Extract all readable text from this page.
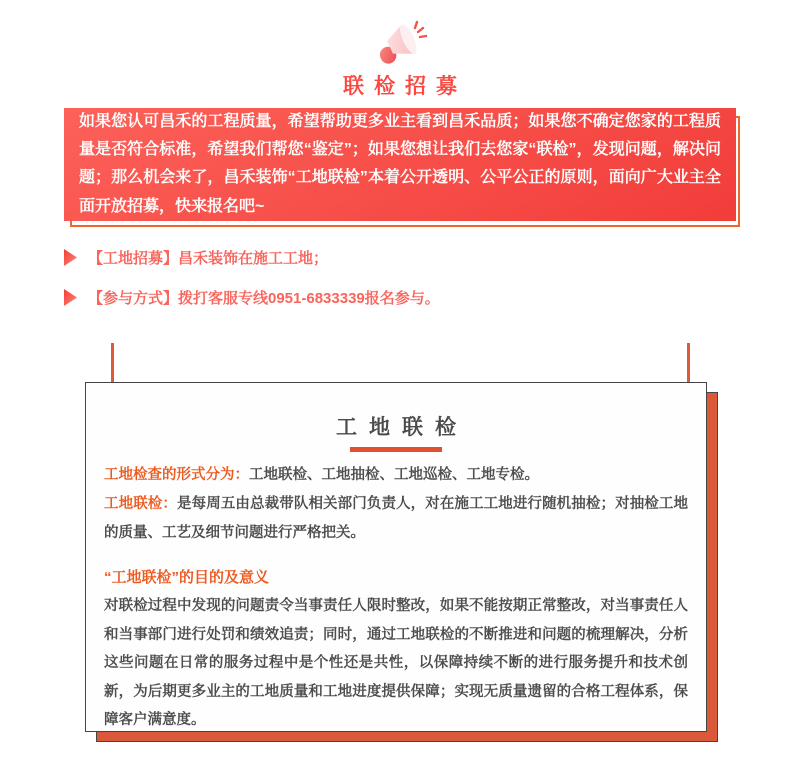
联检招募

如果您认可昌禾的工程质量，希望帮助更多业主看到昌禾品质；如果您不确定您家的工程质量是否符合标准，希望我们帮您“鉴定”；如果您想让我们去您家“联检”，发现问题，解决问题；那么机会来了，昌禾装饰“工地联检”本着公开透明、公平公正的原则，面向广大业主全面开放招募，快来报名吧~

【工地招募】昌禾装饰在施工工地；
【参与方式】拨打客服专线0951-6833339报名参与。
工地联检

工地检查的形式分为：工地联检、工地抽检、工地巡检、工地专检。

工地联检：是每周五由总裁带队相关部门负责人，对在施工工地进行随机抽检；对抽检工地的质量、工艺及细节问题进行严格把关。

“工地联检”的目的及意义

对联检过程中发现的问题责令当事责任人限时整改，如果不能按期正常整改，对当事责任人和当事部门进行处罚和绩效追责；同时，通过工地联检的不断推进和问题的梳理解决，分析这些问题在日常的服务过程中是个性还是共性，以保障持续不断的进行服务提升和技术创新，为后期更多业主的工地质量和工地进度提供保障；实现无质量遗留的合格工程体系，保障客户满意度。
